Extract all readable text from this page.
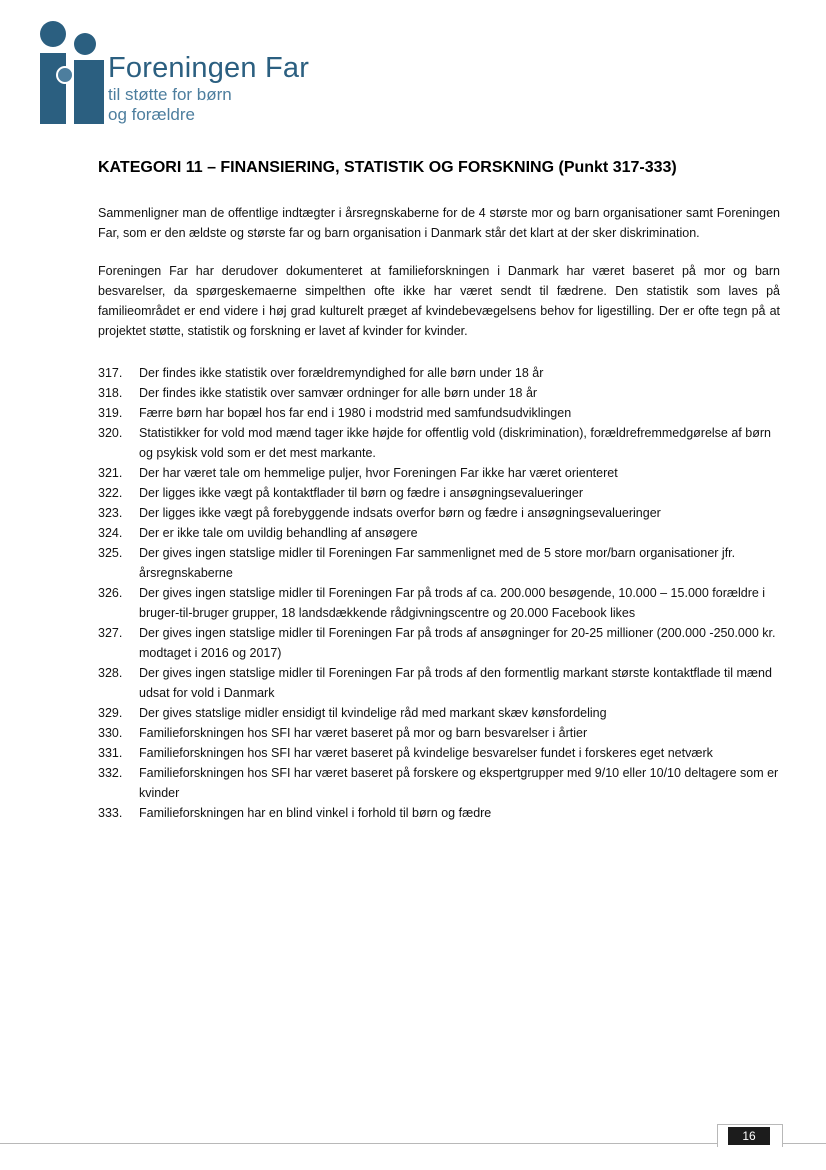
Foreningen Far
til støtte for børn
og forældre
KATEGORI 11 – FINANSIERING, STATISTIK OG FORSKNING (Punkt 317-333)

Sammenligner man de offentlige indtægter i årsregnskaberne for de 4 største mor og barn organisationer samt Foreningen Far, som er den ældste og største far og barn organisation i Danmark står det klart at der sker diskrimination.

Foreningen Far har derudover dokumenteret at familieforskningen i Danmark har været baseret på mor og barn besvarelser, da spørgeskemaerne simpelthen ofte ikke har været sendt til fædrene. Den statistik som laves på familieområdet er end videre i høj grad kulturelt præget af kvindebevægelsens behov for ligestilling. Der er ofte tegn på at projektet støtte, statistik og forskning er lavet af kvinder for kvinder.

317.	Der findes ikke statistik over forældremyndighed for alle børn under 18 år
318.	Der findes ikke statistik over samvær ordninger for alle børn under 18 år
319.	Færre børn har bopæl hos far end i 1980 i modstrid med samfundsudviklingen
320.	Statistikker for vold mod mænd tager ikke højde for offentlig vold (diskrimination), forældrefremmedgørelse af børn og psykisk vold som er det mest markante.
321.	Der har været tale om hemmelige puljer, hvor Foreningen Far ikke har været orienteret
322.	Der ligges ikke vægt på kontaktflader til børn og fædre i ansøgningsevalueringer
323.	Der ligges ikke vægt på forebyggende indsats overfor børn og fædre i ansøgningsevalueringer
324.	Der er ikke tale om uvildig behandling af ansøgere
325.	Der gives ingen statslige midler til Foreningen Far sammenlignet med de 5 store mor/barn organisationer jfr. årsregnskaberne
326.	Der gives ingen statslige midler til Foreningen Far på trods af ca. 200.000 besøgende, 10.000 – 15.000 forældre i bruger-til-bruger grupper, 18 landsdækkende rådgivningscentre og 20.000 Facebook likes
327.	Der gives ingen statslige midler til Foreningen Far på trods af ansøgninger for 20-25 millioner (200.000 -250.000 kr. modtaget i 2016 og 2017)
328.	Der gives ingen statslige midler til Foreningen Far på trods af den formentlig markant største kontaktflade til mænd udsat for vold i Danmark
329.	Der gives statslige midler ensidigt til kvindelige råd med markant skæv kønsfordeling
330.	Familieforskningen hos SFI har været baseret på mor og barn besvarelser i årtier
331.	Familieforskningen hos SFI har været baseret på kvindelige besvarelser fundet i forskeres eget netværk
332.	Familieforskningen hos SFI har været baseret på forskere og ekspertgrupper med 9/10 eller 10/10 deltagere som er kvinder
333.	Familieforskningen har en blind vinkel i forhold til børn og fædre
16
